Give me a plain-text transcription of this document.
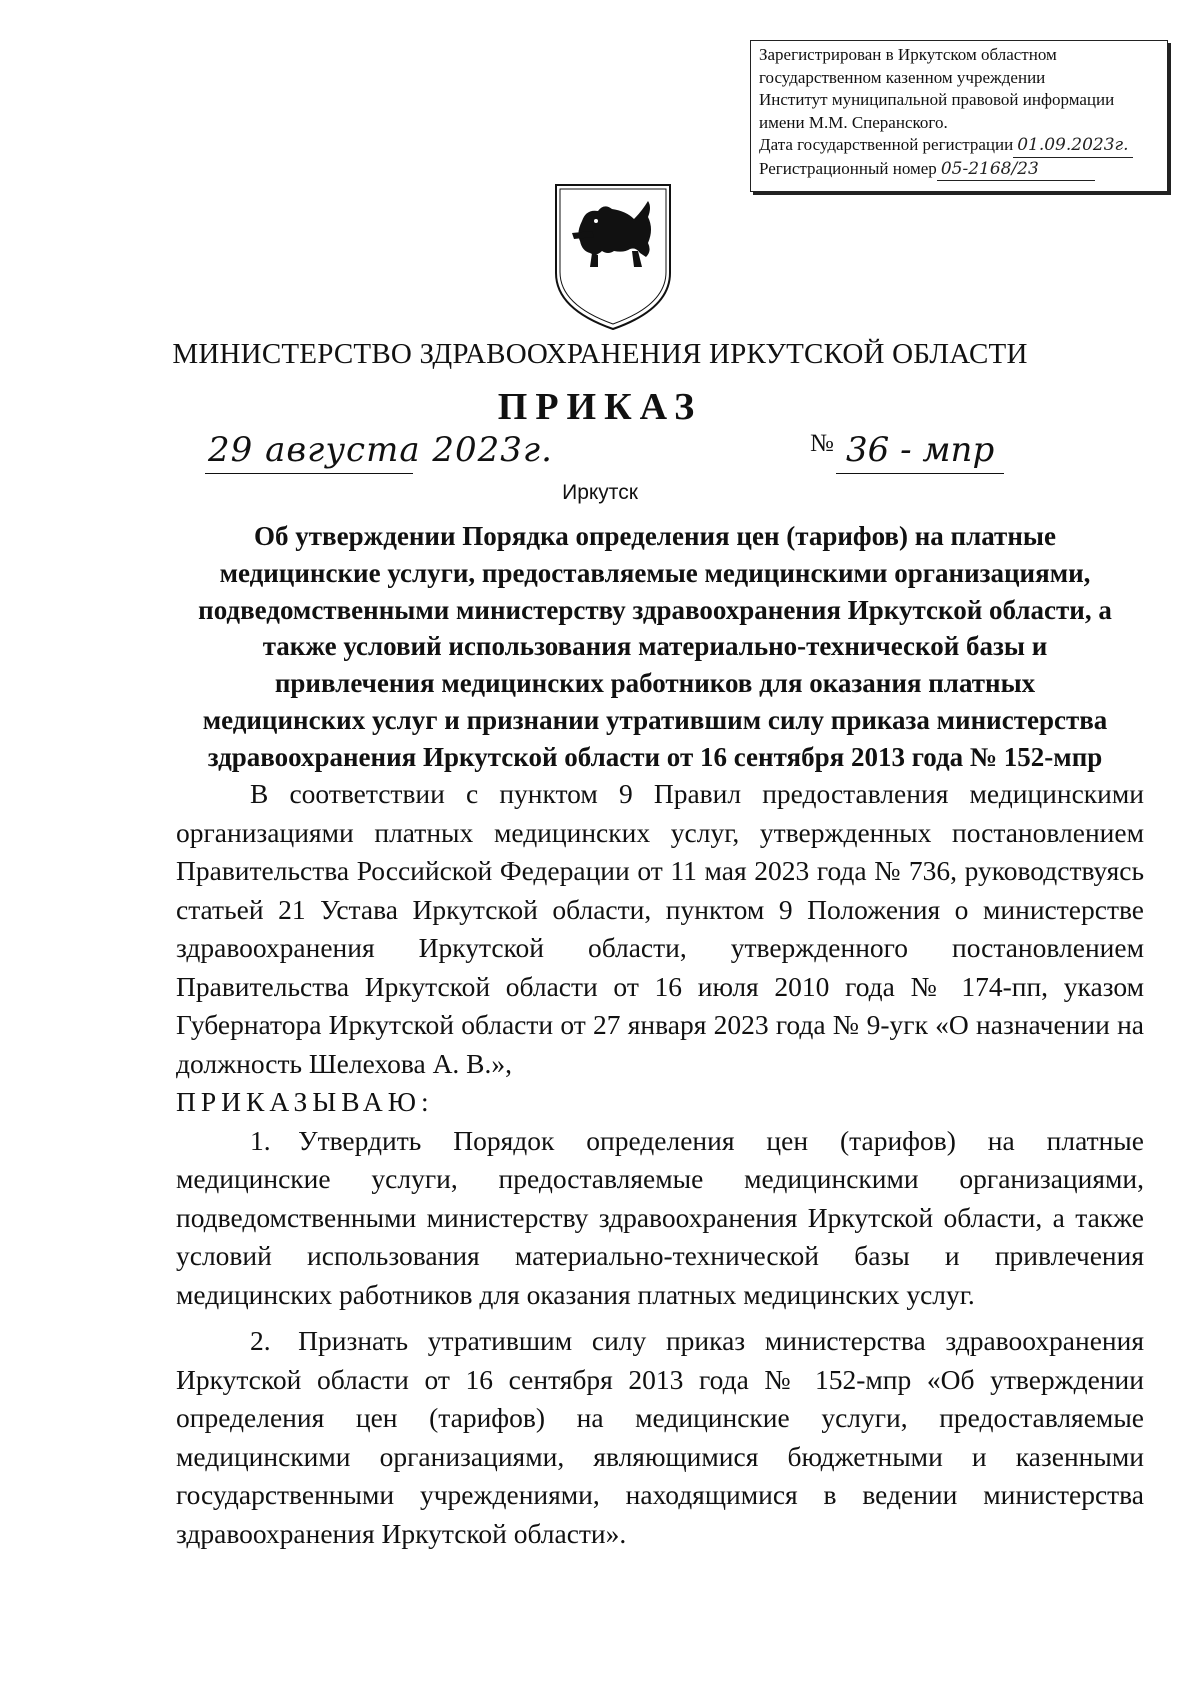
Зарегистрирован в Иркутском областном
государственном казенном учреждении
Институт муниципальной правовой информации
имени М.М. Сперанского.
Дата государственной регистрации 01.09.2023г.
Регистрационный номер 05-2168/23
МИНИСТЕРСТВО ЗДРАВООХРАНЕНИЯ ИРКУТСКОЙ ОБЛАСТИ
ПРИКАЗ
29 августа 2023г.	№ 36 - мпр
Иркутск
Об утверждении Порядка определения цен (тарифов) на платные
медицинские услуги, предоставляемые медицинскими организациями,
подведомственными министерству здравоохранения Иркутской области, а
также условий использования материально-технической базы и
привлечения медицинских работников для оказания платных
медицинских услуг и признании утратившим силу приказа министерства
здравоохранения Иркутской области от 16 сентября 2013 года № 152-мпр

В соответствии с пунктом 9 Правил предоставления медицинскими организациями платных медицинских услуг, утвержденных постановлением Правительства Российской Федерации от 11 мая 2023 года № 736, руководствуясь статьей 21 Устава Иркутской области, пунктом 9 Положения о министерстве здравоохранения Иркутской области, утвержденного постановлением Правительства Иркутской области от 16 июля 2010 года № 174-пп, указом Губернатора Иркутской области от 27 января 2023 года № 9-угк «О назначении на должность Шелехова А. В.»,

ПРИКАЗЫВАЮ:

1. Утвердить Порядок определения цен (тарифов) на платные медицинские услуги, предоставляемые медицинскими организациями, подведомственными министерству здравоохранения Иркутской области, а также условий использования материально-технической базы и привлечения медицинских работников для оказания платных медицинских услуг.

2. Признать утратившим силу приказ министерства здравоохранения Иркутской области от 16 сентября 2013 года № 152-мпр «Об утверждении определения цен (тарифов) на медицинские услуги, предоставляемые медицинскими организациями, являющимися бюджетными и казенными государственными учреждениями, находящимися в ведении министерства здравоохранения Иркутской области».
